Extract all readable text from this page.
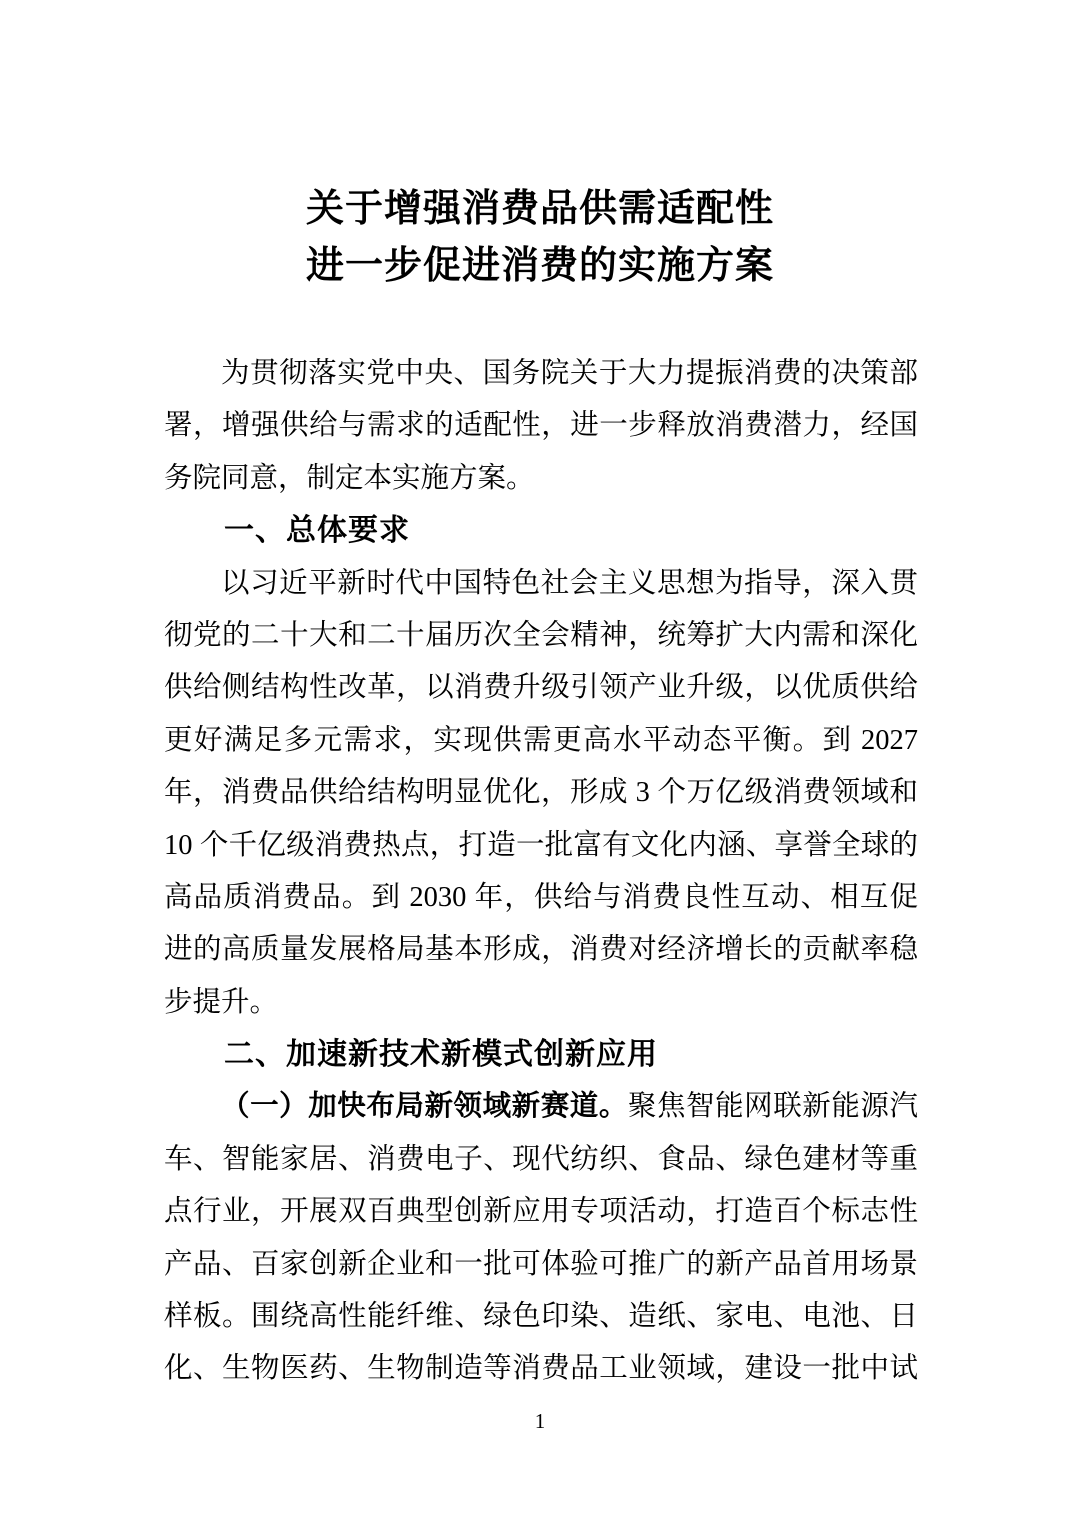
关于增强消费品供需适配性
进一步促进消费的实施方案
为贯彻落实党中央、国务院关于大力提振消费的决策部
署，增强供给与需求的适配性，进一步释放消费潜力，经国
务院同意，制定本实施方案。
一、总体要求
以习近平新时代中国特色社会主义思想为指导，深入贯
彻党的二十大和二十届历次全会精神，统筹扩大内需和深化
供给侧结构性改革，以消费升级引领产业升级，以优质供给
更好满足多元需求，实现供需更高水平动态平衡。到 2027
年，消费品供给结构明显优化，形成 3 个万亿级消费领域和
10 个千亿级消费热点，打造一批富有文化内涵、享誉全球的
高品质消费品。到 2030 年，供给与消费良性互动、相互促
进的高质量发展格局基本形成，消费对经济增长的贡献率稳
步提升。
二、加速新技术新模式创新应用
（一）加快布局新领域新赛道。聚焦智能网联新能源汽
车、智能家居、消费电子、现代纺织、食品、绿色建材等重
点行业，开展双百典型创新应用专项活动，打造百个标志性
产品、百家创新企业和一批可体验可推广的新产品首用场景
样板。围绕高性能纤维、绿色印染、造纸、家电、电池、日
化、生物医药、生物制造等消费品工业领域，建设一批中试
1
